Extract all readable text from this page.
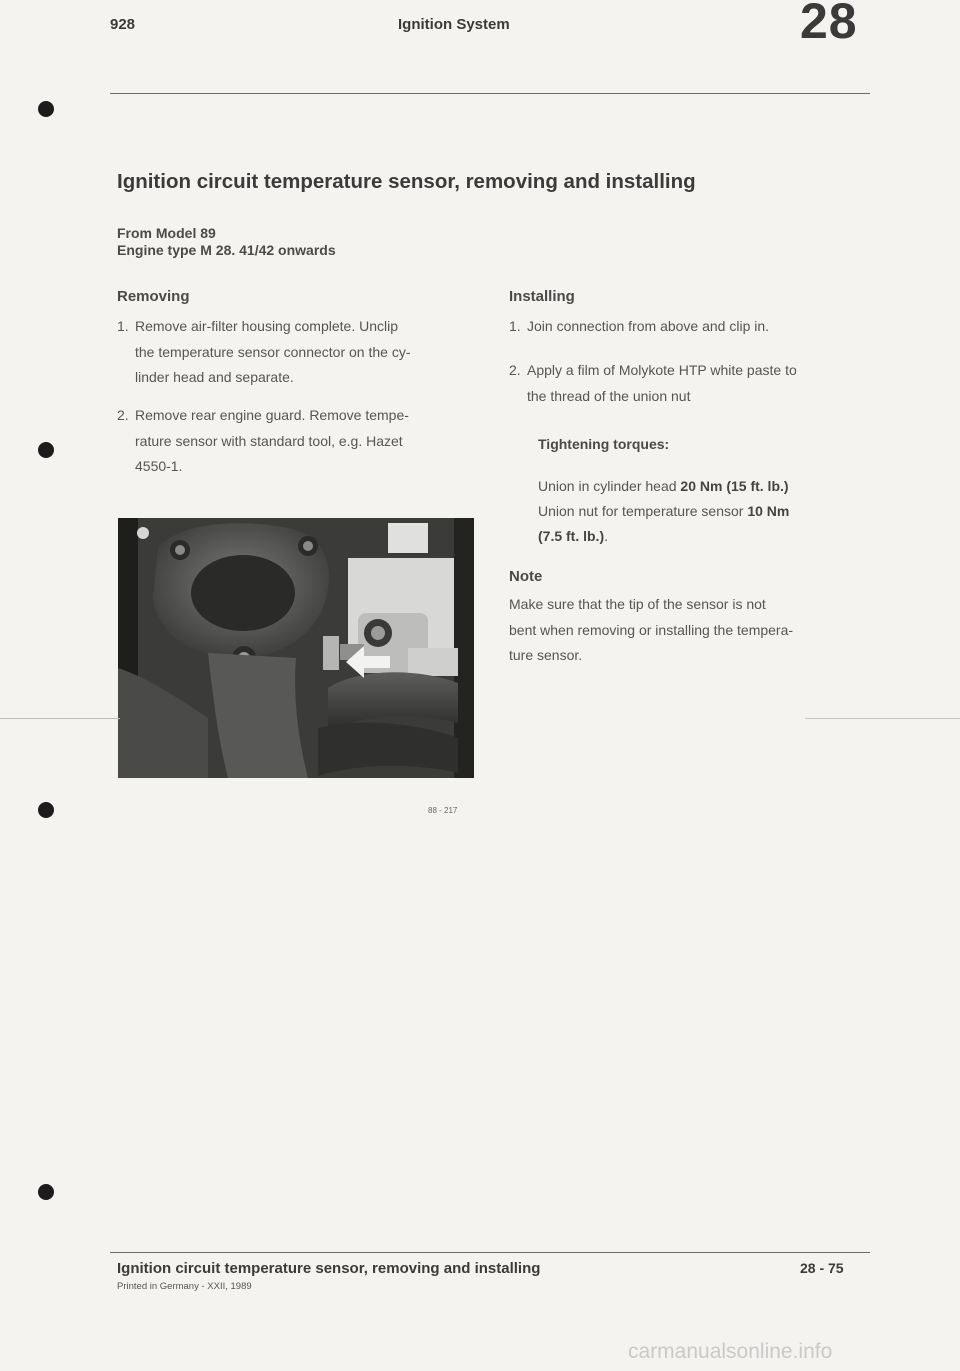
928	Ignition System	28
Ignition circuit temperature sensor, removing and installing
From Model 89
Engine type M 28. 41/42 onwards
Removing
1. Remove air-filter housing complete. Unclip
the temperature sensor connector on the cy-
linder head and separate.
2. Remove rear engine guard. Remove tempe-
rature sensor with standard tool, e.g. Hazet
4550-1.
88 - 217
Installing
1. Join connection from above and clip in.
2. Apply a film of Molykote HTP white paste to
the thread of the union nut
Tightening torques:
Union in cylinder head 20 Nm (15 ft. lb.)
Union nut for temperature sensor 10 Nm
(7.5 ft. lb.).
Note
Make sure that the tip of the sensor is not
bent when removing or installing the tempera-
ture sensor.
Ignition circuit temperature sensor, removing and installing	28 - 75
Printed in Germany - XXII, 1989
carmanualsonline.info
